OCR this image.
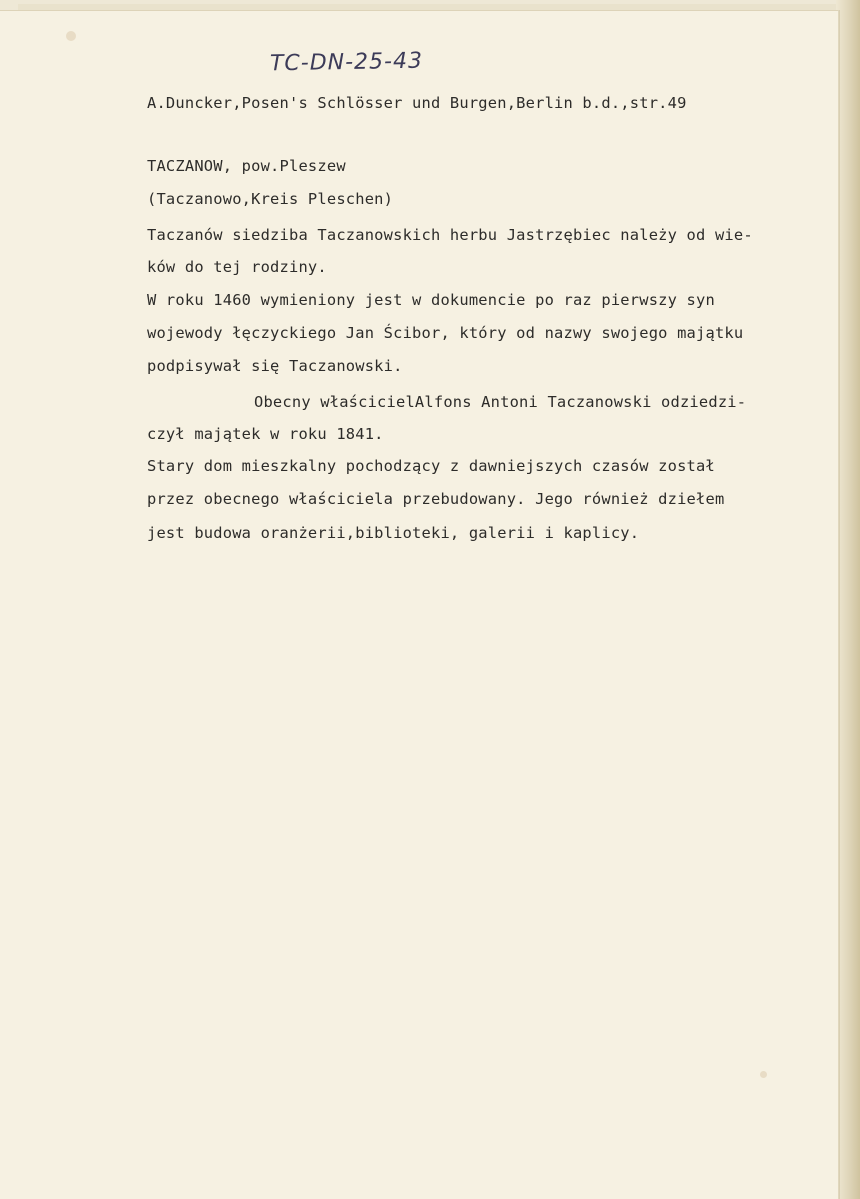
TC-DN-25-43
A.Duncker,Posen's Schlösser und Burgen,Berlin b.d.,str.49
TACZANOW, pow.Pleszew
(Taczanowo,Kreis Pleschen)
Taczanów siedziba Taczanowskich herbu Jastrzębiec należy od wie-
ków do tej rodziny.
W roku 1460 wymieniony jest w dokumencie po raz pierwszy syn
wojewody łęczyckiego Jan Ścibor, który od nazwy swojego majątku
podpisywał się Taczanowski.
Obecny właścicielAlfons Antoni Taczanowski odziedzi-
czył majątek w roku 1841.
Stary dom mieszkalny pochodzący z dawniejszych czasów został
przez obecnego właściciela przebudowany. Jego również dziełem
jest budowa oranżerii,biblioteki, galerii i kaplicy.
